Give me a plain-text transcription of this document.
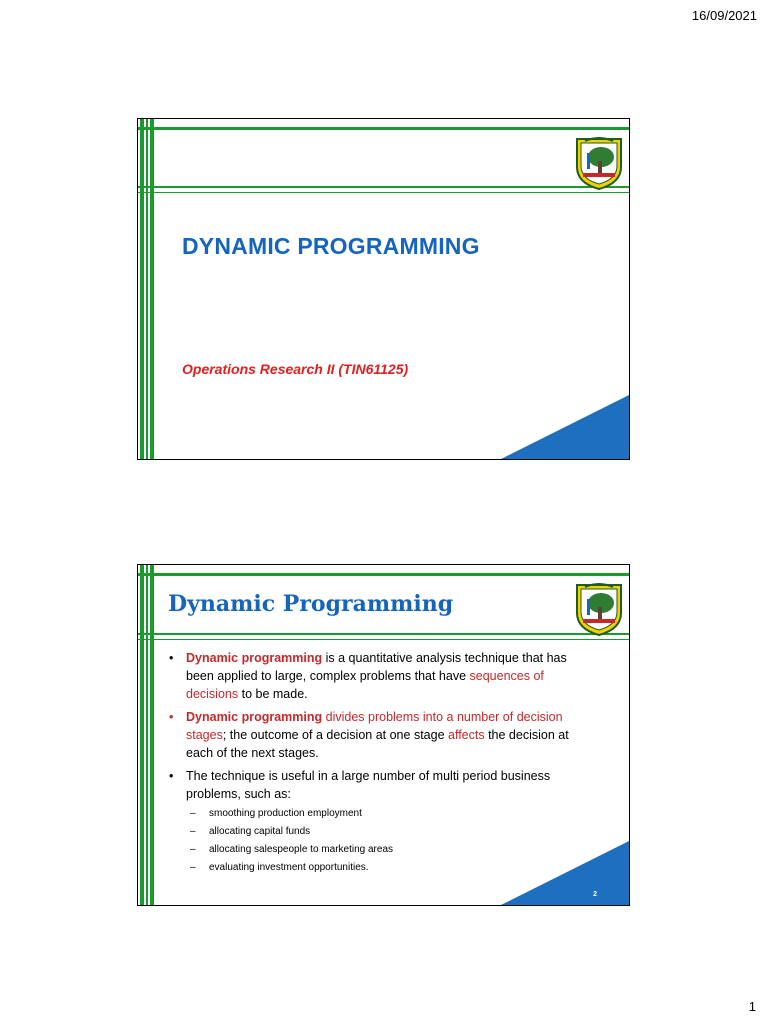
16/09/2021
DYNAMIC PROGRAMMING

Operations Research II (TIN61125)

Dynamic Programming

• Dynamic programming is a quantitative analysis technique that has been applied to large, complex problems that have sequences of decisions to be made.

• Dynamic programming divides problems into a number of decision stages; the outcome of a decision at one stage affects the decision at each of the next stages.

• The technique is useful in a large number of multi period business problems, such as:
– smoothing production employment
– allocating capital funds
– allocating salespeople to marketing areas
– evaluating investment opportunities.
2
1
